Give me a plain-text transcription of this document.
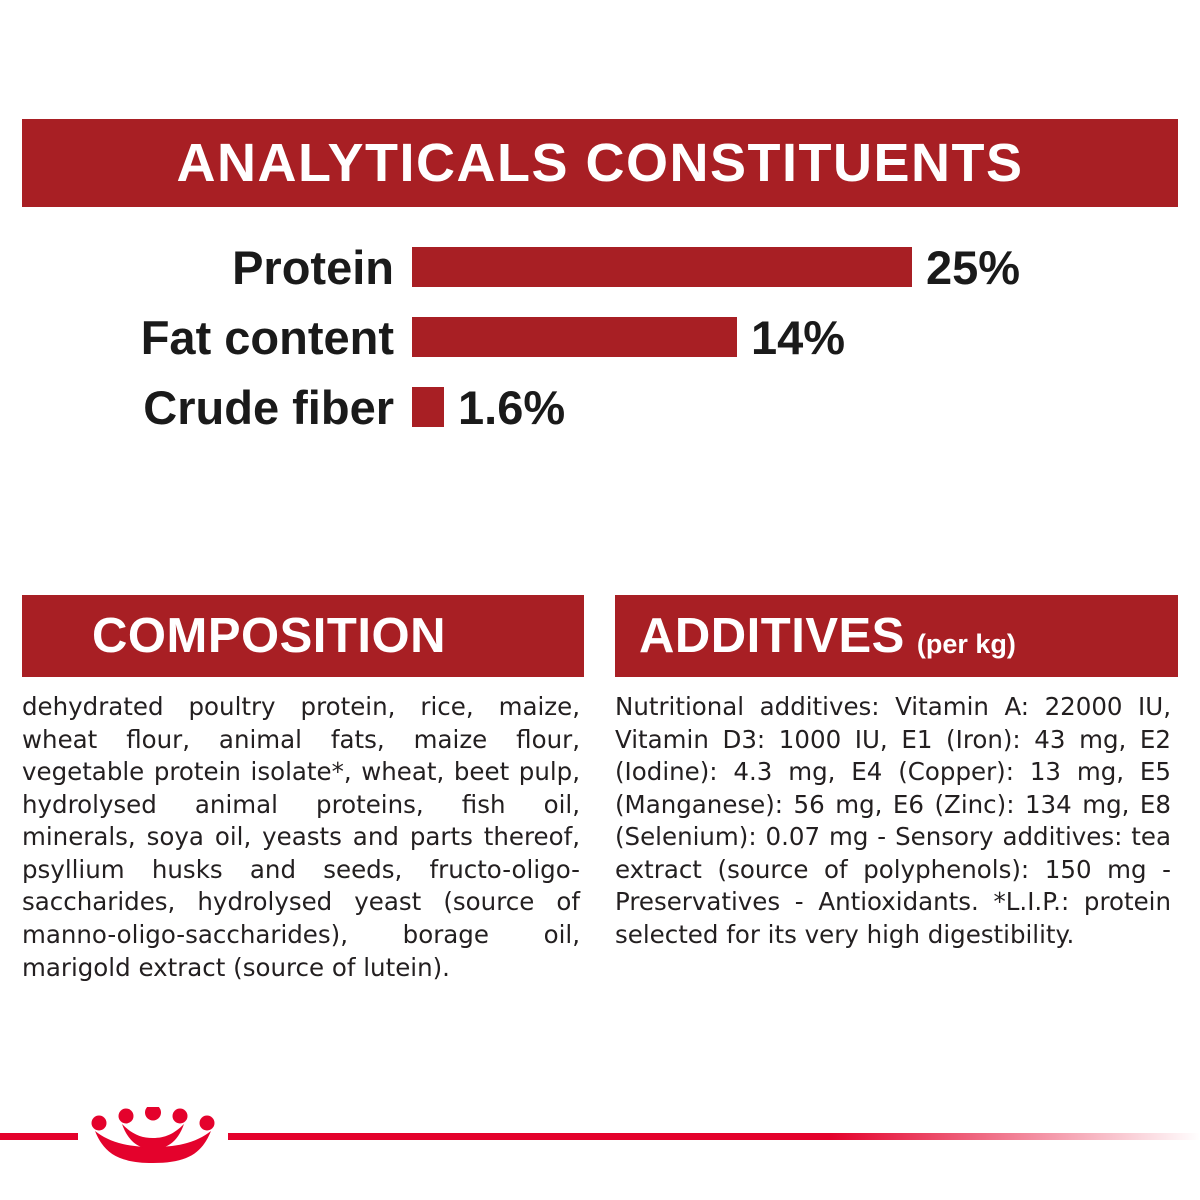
ANALYTICALS CONSTITUENTS
Protein	25%
Fat content	14%
Crude fiber	1.6%
COMPOSITION
dehydrated poultry protein, rice, maize, wheat flour, animal fats, maize flour, vegetable protein isolate*, wheat, beet pulp, hydrolysed animal proteins, fish oil, minerals, soya oil, yeasts and parts thereof, psyllium husks and seeds, fructo-oligo-saccharides, hydrolysed yeast (source of manno-oligo-saccharides), borage oil, marigold extract (source of lutein).
ADDITIVES (per kg)
Nutritional additives: Vitamin A: 22000 IU, Vitamin D3: 1000 IU, E1 (Iron): 43 mg, E2 (Iodine): 4.3 mg, E4 (Copper): 13 mg, E5 (Manganese): 56 mg, E6 (Zinc): 134 mg, E8 (Selenium): 0.07 mg - Sensory additives: tea extract (source of polyphenols): 150 mg - Preservatives - Antioxidants. *L.I.P.: protein selected for its very high digestibility.
